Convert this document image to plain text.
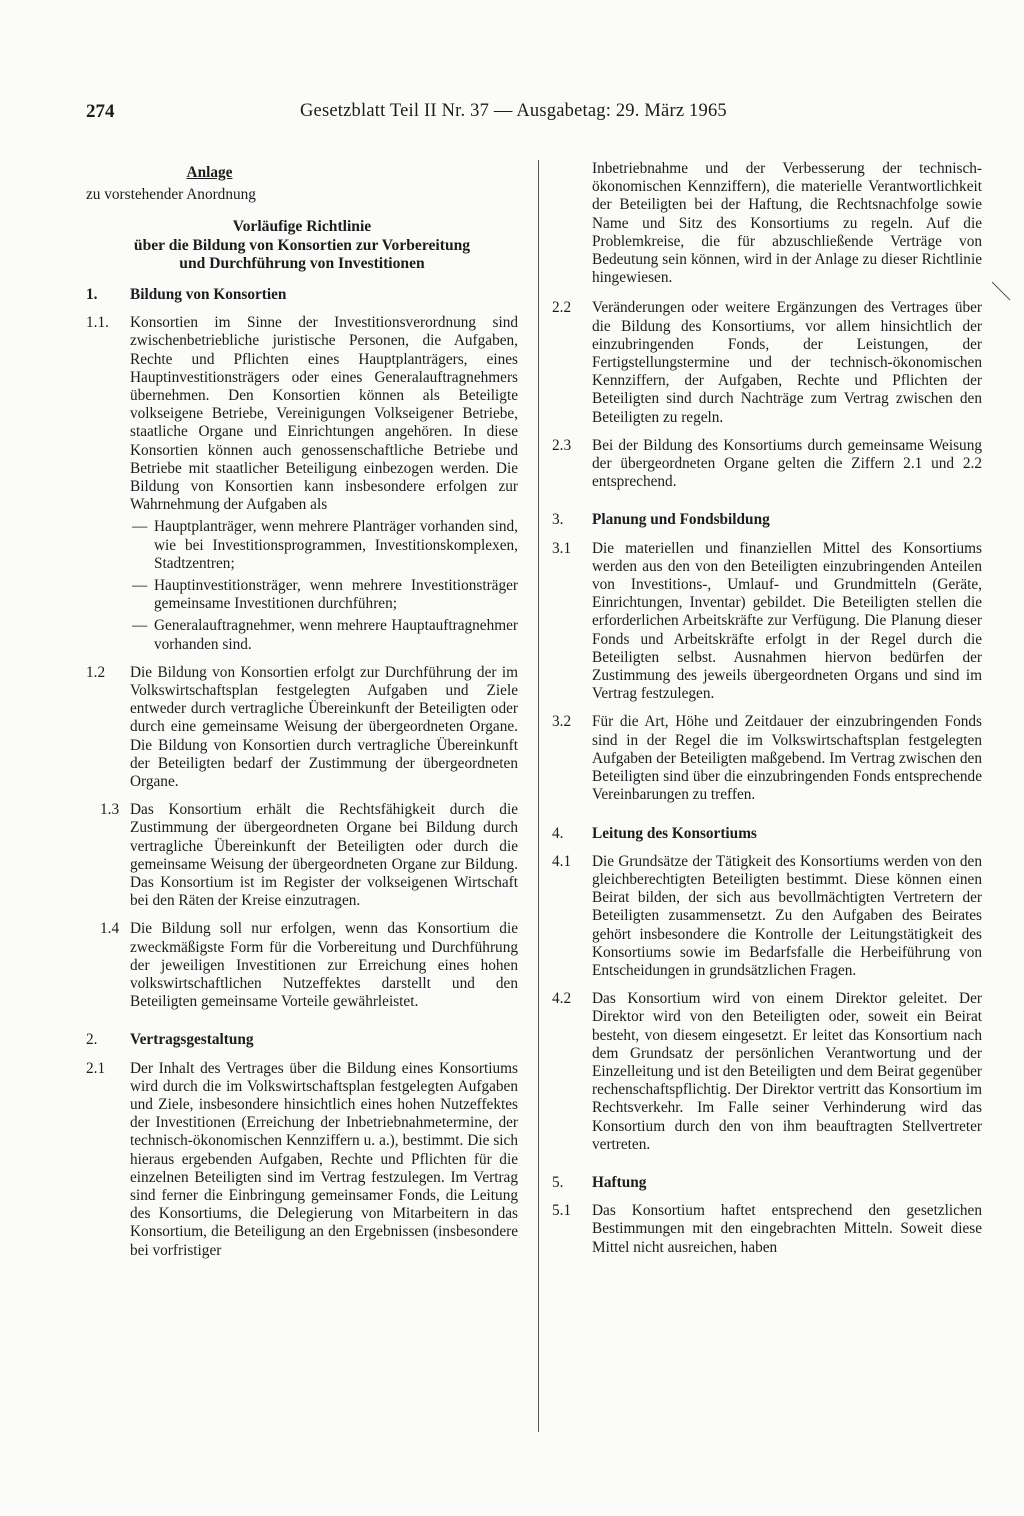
274	Gesetzblatt Teil II Nr. 37 — Ausgabetag: 29. März 1965
Anlage
zu vorstehender Anordnung
Vorläufige Richtlinie
über die Bildung von Konsortien zur Vorbereitung
und Durchführung von Investitionen
1. Bildung von Konsortien
1.1. Konsortien im Sinne der Investitionsverordnung sind zwischenbetriebliche juristische Personen, die Aufgaben, Rechte und Pflichten eines Hauptplanträgers, eines Hauptinvestitionsträgers oder eines Generalauftragnehmers übernehmen. Den Konsortien können als Beteiligte volkseigene Betriebe, Vereinigungen Volkseigener Betriebe, staatliche Organe und Einrichtungen angehören. In diese Konsortien können auch genossenschaftliche Betriebe und Betriebe mit staatlicher Beteiligung einbezogen werden. Die Bildung von Konsortien kann insbesondere erfolgen zur Wahrnehmung der Aufgaben als
— Hauptplanträger, wenn mehrere Planträger vorhanden sind, wie bei Investitionsprogrammen, Investitionskomplexen, Stadtzentren;
— Hauptinvestitionsträger, wenn mehrere Investitionsträger gemeinsame Investitionen durchführen;
— Generalauftragnehmer, wenn mehrere Hauptauftragnehmer vorhanden sind.
1.2 Die Bildung von Konsortien erfolgt zur Durchführung der im Volkswirtschaftsplan festgelegten Aufgaben und Ziele entweder durch vertragliche Übereinkunft der Beteiligten oder durch eine gemeinsame Weisung der übergeordneten Organe. Die Bildung von Konsortien durch vertragliche Übereinkunft der Beteiligten bedarf der Zustimmung der übergeordneten Organe.
1.3 Das Konsortium erhält die Rechtsfähigkeit durch die Zustimmung der übergeordneten Organe bei Bildung durch vertragliche Übereinkunft der Beteiligten oder durch die gemeinsame Weisung der übergeordneten Organe zur Bildung. Das Konsortium ist im Register der volkseigenen Wirtschaft bei den Räten der Kreise einzutragen.
1.4 Die Bildung soll nur erfolgen, wenn das Konsortium die zweckmäßigste Form für die Vorbereitung und Durchführung der jeweiligen Investitionen zur Erreichung eines hohen volkswirtschaftlichen Nutzeffektes darstellt und den Beteiligten gemeinsame Vorteile gewährleistet.
2. Vertragsgestaltung
2.1 Der Inhalt des Vertrages über die Bildung eines Konsortiums wird durch die im Volkswirtschaftsplan festgelegten Aufgaben und Ziele, insbesondere hinsichtlich eines hohen Nutzeffektes der Investitionen (Erreichung der Inbetriebnahmetermine, der technisch-ökonomischen Kennziffern u. a.), bestimmt. Die sich hieraus ergebenden Aufgaben, Rechte und Pflichten für die einzelnen Beteiligten sind im Vertrag festzulegen. Im Vertrag sind ferner die Einbringung gemeinsamer Fonds, die Leitung des Konsortiums, die Delegierung von Mitarbeitern in das Konsortium, die Beteiligung an den Ergebnissen (insbesondere bei vorfristiger
Inbetriebnahme und der Verbesserung der technisch-ökonomischen Kennziffern), die materielle Verantwortlichkeit der Beteiligten bei der Haftung, die Rechtsnachfolge sowie Name und Sitz des Konsortiums zu regeln. Auf die Problemkreise, die für abzuschließende Verträge von Bedeutung sein können, wird in der Anlage zu dieser Richtlinie hingewiesen.
2.2 Veränderungen oder weitere Ergänzungen des Vertrages über die Bildung des Konsortiums, vor allem hinsichtlich der einzubringenden Fonds, der Leistungen, der Fertigstellungstermine und der technisch-ökonomischen Kennziffern, der Aufgaben, Rechte und Pflichten der Beteiligten sind durch Nachträge zum Vertrag zwischen den Beteiligten zu regeln.
2.3 Bei der Bildung des Konsortiums durch gemeinsame Weisung der übergeordneten Organe gelten die Ziffern 2.1 und 2.2 entsprechend.
3. Planung und Fondsbildung
3.1 Die materiellen und finanziellen Mittel des Konsortiums werden aus den von den Beteiligten einzubringenden Anteilen von Investitions-, Umlauf- und Grundmitteln (Geräte, Einrichtungen, Inventar) gebildet. Die Beteiligten stellen die erforderlichen Arbeitskräfte zur Verfügung. Die Planung dieser Fonds und Arbeitskräfte erfolgt in der Regel durch die Beteiligten selbst. Ausnahmen hiervon bedürfen der Zustimmung des jeweils übergeordneten Organs und sind im Vertrag festzulegen.
3.2 Für die Art, Höhe und Zeitdauer der einzubringenden Fonds sind in der Regel die im Volkswirtschaftsplan festgelegten Aufgaben der Beteiligten maßgebend. Im Vertrag zwischen den Beteiligten sind über die einzubringenden Fonds entsprechende Vereinbarungen zu treffen.
4. Leitung des Konsortiums
4.1 Die Grundsätze der Tätigkeit des Konsortiums werden von den gleichberechtigten Beteiligten bestimmt. Diese können einen Beirat bilden, der sich aus bevollmächtigten Vertretern der Beteiligten zusammensetzt. Zu den Aufgaben des Beirates gehört insbesondere die Kontrolle der Leitungstätigkeit des Konsortiums sowie im Bedarfsfalle die Herbeiführung von Entscheidungen in grundsätzlichen Fragen.
4.2 Das Konsortium wird von einem Direktor geleitet. Der Direktor wird von den Beteiligten oder, soweit ein Beirat besteht, von diesem eingesetzt. Er leitet das Konsortium nach dem Grundsatz der persönlichen Verantwortung und der Einzelleitung und ist den Beteiligten und dem Beirat gegenüber rechenschaftspflichtig. Der Direktor vertritt das Konsortium im Rechtsverkehr. Im Falle seiner Verhinderung wird das Konsortium durch den von ihm beauftragten Stellvertreter vertreten.
5. Haftung
5.1 Das Konsortium haftet entsprechend den gesetzlichen Bestimmungen mit den eingebrachten Mitteln. Soweit diese Mittel nicht ausreichen, haben
